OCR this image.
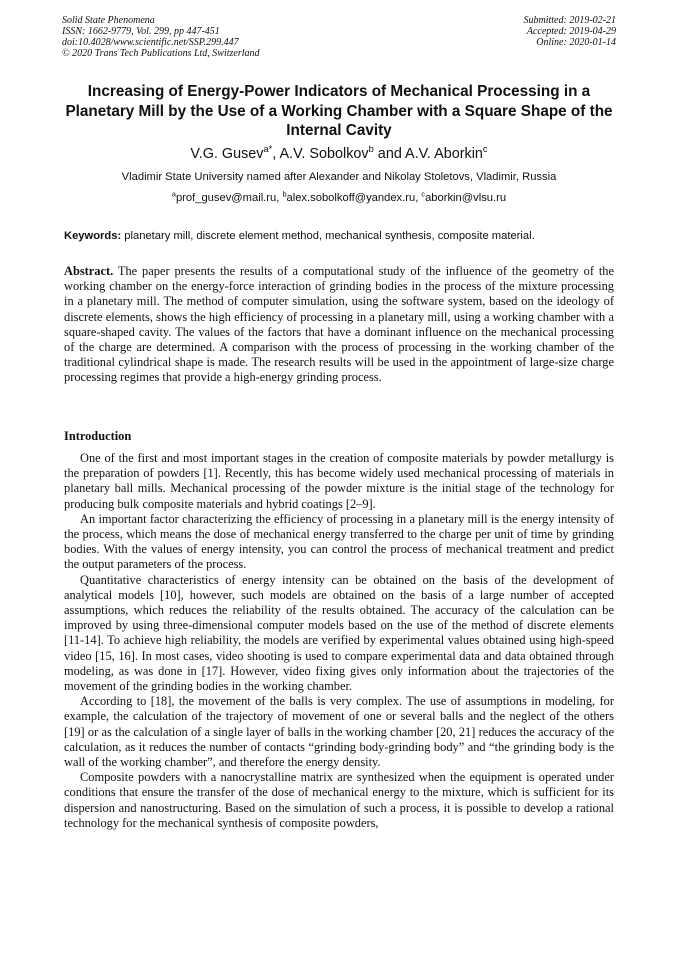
Solid State Phenomena
ISSN: 1662-9779, Vol. 299, pp 447-451
doi:10.4028/www.scientific.net/SSP.299.447
© 2020 Trans Tech Publications Ltd, Switzerland
Submitted: 2019-02-21
Accepted: 2019-04-29
Online: 2020-01-14
Increasing of Energy-Power Indicators of Mechanical Processing in a Planetary Mill by the Use of a Working Chamber with a Square Shape of the Internal Cavity
V.G. Gusev$^{a*}$, A.V. Sobolkov$^b$ and A.V. Aborkin$^c$
Vladimir State University named after Alexander and Nikolay Stoletovs, Vladimir, Russia
$^a$prof_gusev@mail.ru, $^b$alex.sobolkoff@yandex.ru, $^c$aborkin@vlsu.ru
Keywords: planetary mill, discrete element method, mechanical synthesis, composite material.

Abstract. The paper presents the results of a computational study of the influence of the geometry of the working chamber on the energy-force interaction of grinding bodies in the process of the mixture processing in a planetary mill. The method of computer simulation, using the software system, based on the ideology of discrete elements, shows the high efficiency of processing in a planetary mill, using a working chamber with a square-shaped cavity. The values of the factors that have a dominant influence on the mechanical processing of the charge are determined. A comparison with the process of processing in the working chamber of the traditional cylindrical shape is made. The research results will be used in the appointment of large-size charge processing regimes that provide a high-energy grinding process.

Introduction

One of the first and most important stages in the creation of composite materials by powder metallurgy is the preparation of powders [1]. Recently, this has become widely used mechanical processing of materials in planetary ball mills. Mechanical processing of the powder mixture is the initial stage of the technology for producing bulk composite materials and hybrid coatings [2–9].

An important factor characterizing the efficiency of processing in a planetary mill is the energy intensity of the process, which means the dose of mechanical energy transferred to the charge per unit of time by grinding bodies. With the values of energy intensity, you can control the process of mechanical treatment and predict the output parameters of the process.

Quantitative characteristics of energy intensity can be obtained on the basis of the development of analytical models [10], however, such models are obtained on the basis of a large number of accepted assumptions, which reduces the reliability of the results obtained. The accuracy of the calculation can be improved by using three-dimensional computer models based on the use of the method of discrete elements [11-14]. To achieve high reliability, the models are verified by experimental values obtained using high-speed video [15, 16]. In most cases, video shooting is used to compare experimental data and data obtained through modeling, as was done in [17]. However, video fixing gives only information about the trajectories of the movement of the grinding bodies in the working chamber.

According to [18], the movement of the balls is very complex. The use of assumptions in modeling, for example, the calculation of the trajectory of movement of one or several balls and the neglect of the others [19] or as the calculation of a single layer of balls in the working chamber [20, 21] reduces the accuracy of the calculation, as it reduces the number of contacts “grinding body-grinding body” and “the grinding body is the wall of the working chamber”, and therefore the energy density.

Composite powders with a nanocrystalline matrix are synthesized when the equipment is operated under conditions that ensure the transfer of the dose of mechanical energy to the mixture, which is sufficient for its dispersion and nanostructuring. Based on the simulation of such a process, it is possible to develop a rational technology for the mechanical synthesis of composite powders,
